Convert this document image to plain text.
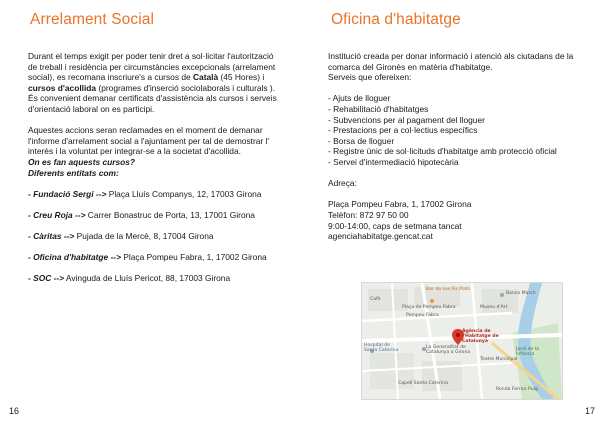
Arrelament Social

Durant el temps exigit per poder tenir dret a sol·licitar l'autorització de treball i residència per circumstàncies excepcionals (arrelament social), es recomana inscriure's a cursos de Català (45 Hores) i cursos d'acollida (programes d'inserció sociolaborals i culturals ). És convenient demanar certificats d'assistència als cursos i serveis d'orientació laboral on es participi.

Aquestes accions seran reclamades en el moment de demanar l'informe d'arrelament social a l'ajuntament per tal de demostrar l' interès i la voluntat per integrar-se a la societat d'acollida.

On es fan aquests cursos?

Diferents entitats com:

- Fundació Sergi --> Plaça Lluís Companys, 12, 17003 Girona
- Creu Roja --> Carrer Bonastruc de Porta, 13, 17001 Girona
- Càritas --> Pujada de la Mercè, 8, 17004 Girona
- Oficina d'habitatge --> Plaça Pompeu Fabra, 1, 17002 Girona
- SOC --> Avinguda de Lluís Pericot, 88, 17003 Girona
16
Oficina d'habitatge

Institució creada per donar informació i atenció als ciutadans de la comarca del Gironès en matèria d'habitatge.

Serveis que ofereixen:

- Ajuts de lloguer
- Rehabilitació d'habitatges
- Subvencions per al pagament del lloguer
- Prestacions per a col·lectius específics
- Borsa de lloguer
- Registre únic de sol·licituds d'habitatge amb protecció oficial
- Servei d'intermediació hipotecària

Adreça:

Plaça Pompeu Fabra, 1, 17002 Girona

Telèfon: 872 97 50 00

9:00-14:00, caps de setmana tancat

agenciahabitatge.gencat.cat

Bar de Les Fis Plats
Banco March
Plaça de Pompeu Fabra
Cafè
Museu d'Art
Pompeu Fabra
Agència de l'Habitatge de Catalunya
Hospital de Santa Caterina
La Generalitat de Catalunya a Girona
Teatre Municipal
Jardí de la Infància
Capell Santa Caterina
Ronda Ferran Puig
17
